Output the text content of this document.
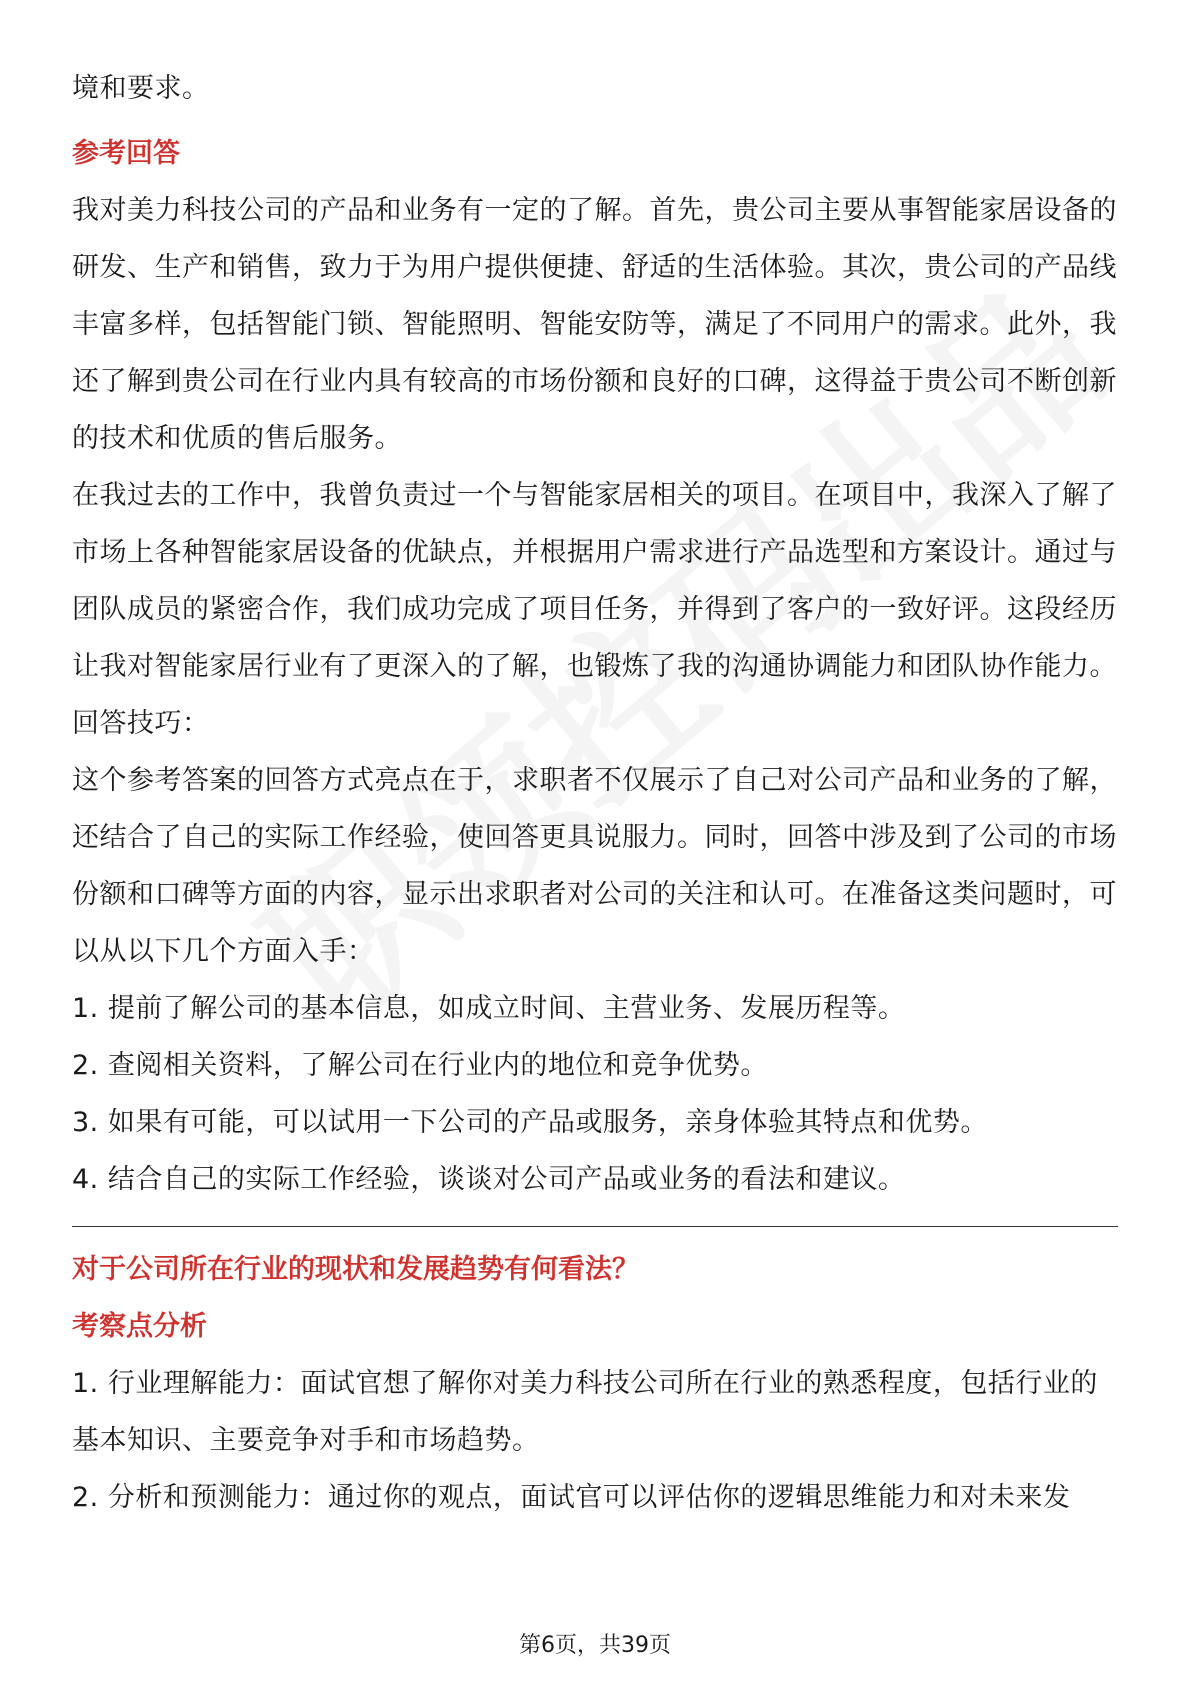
境和要求。

参考回答

我对美力科技公司的产品和业务有一定的了解。首先，贵公司主要从事智能家居设备的研发、生产和销售，致力于为用户提供便捷、舒适的生活体验。其次，贵公司的产品线丰富多样，包括智能门锁、智能照明、智能安防等，满足了不同用户的需求。此外，我还了解到贵公司在行业内具有较高的市场份额和良好的口碑，这得益于贵公司不断创新的技术和优质的售后服务。

在我过去的工作中，我曾负责过一个与智能家居相关的项目。在项目中，我深入了解了市场上各种智能家居设备的优缺点，并根据用户需求进行产品选型和方案设计。通过与团队成员的紧密合作，我们成功完成了项目任务，并得到了客户的一致好评。这段经历让我对智能家居行业有了更深入的了解，也锻炼了我的沟通协调能力和团队协作能力。

回答技巧：

这个参考答案的回答方式亮点在于，求职者不仅展示了自己对公司产品和业务的了解，还结合了自己的实际工作经验，使回答更具说服力。同时，回答中涉及到了公司的市场份额和口碑等方面的内容，显示出求职者对公司的关注和认可。在准备这类问题时，可以从以下几个方面入手：

1. 提前了解公司的基本信息，如成立时间、主营业务、发展历程等。

2. 查阅相关资料，了解公司在行业内的地位和竞争优势。

3. 如果有可能，可以试用一下公司的产品或服务，亲身体验其特点和优势。

4. 结合自己的实际工作经验，谈谈对公司产品或业务的看法和建议。

对于公司所在行业的现状和发展趋势有何看法？

考察点分析

1. 行业理解能力：面试官想了解你对美力科技公司所在行业的熟悉程度，包括行业的基本知识、主要竞争对手和市场趋势。

2. 分析和预测能力：通过你的观点，面试官可以评估你的逻辑思维能力和对未来发

第6页，共39页
